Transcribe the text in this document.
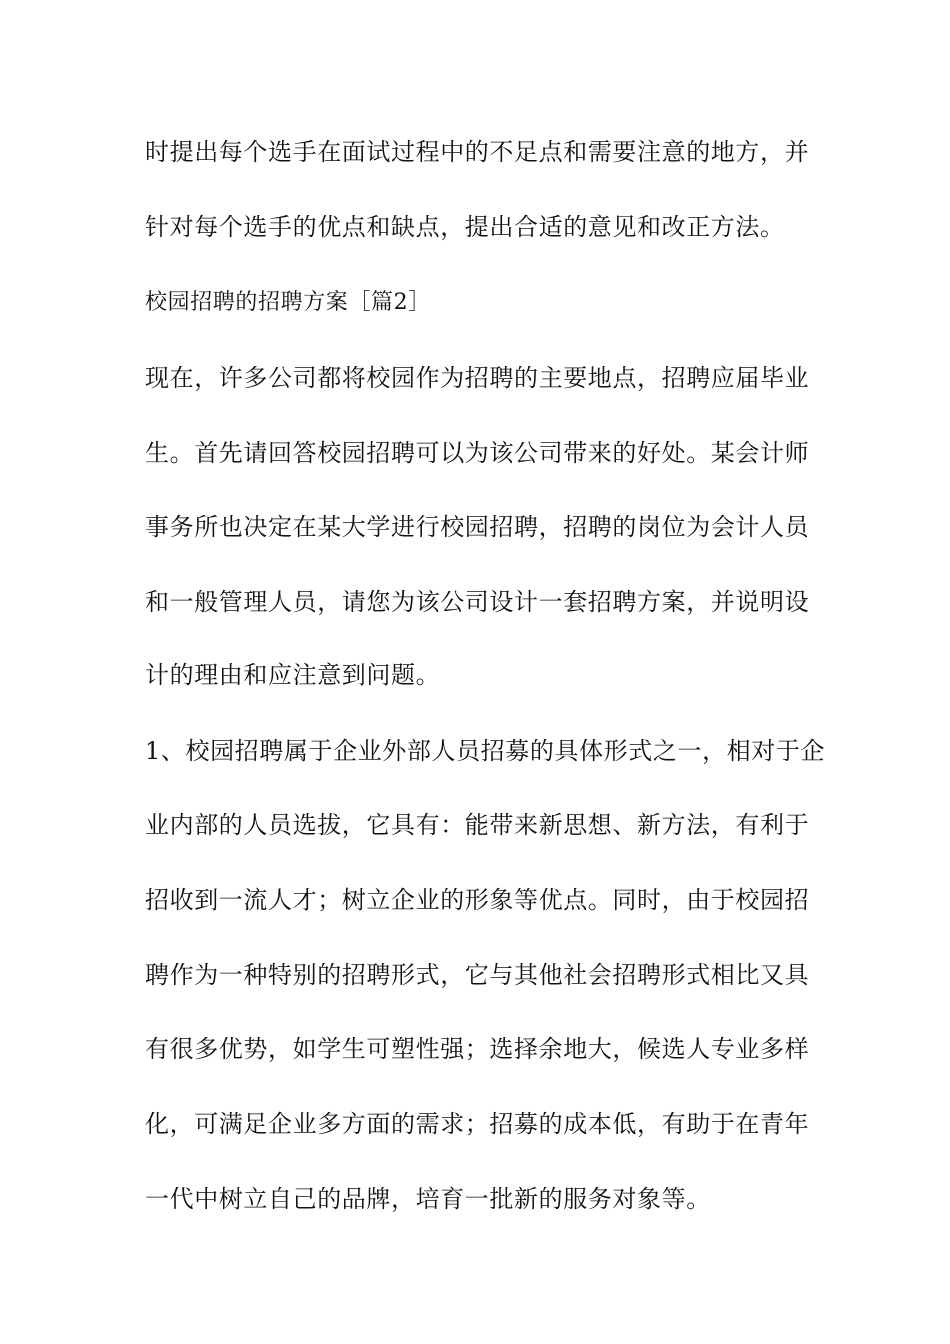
时提出每个选手在面试过程中的不足点和需要注意的地方，并
针对每个选手的优点和缺点，提出合适的意见和改正方法。
校园招聘的招聘方案［篇2］
现在，许多公司都将校园作为招聘的主要地点，招聘应届毕业
生。首先请回答校园招聘可以为该公司带来的好处。某会计师
事务所也决定在某大学进行校园招聘，招聘的岗位为会计人员
和一般管理人员，请您为该公司设计一套招聘方案，并说明设
计的理由和应注意到问题。
1、校园招聘属于企业外部人员招募的具体形式之一，相对于企
业内部的人员选拔，它具有：能带来新思想、新方法，有利于
招收到一流人才；树立企业的形象等优点。同时，由于校园招
聘作为一种特别的招聘形式，它与其他社会招聘形式相比又具
有很多优势，如学生可塑性强；选择余地大，候选人专业多样
化，可满足企业多方面的需求；招募的成本低，有助于在青年
一代中树立自己的品牌，培育一批新的服务对象等。
